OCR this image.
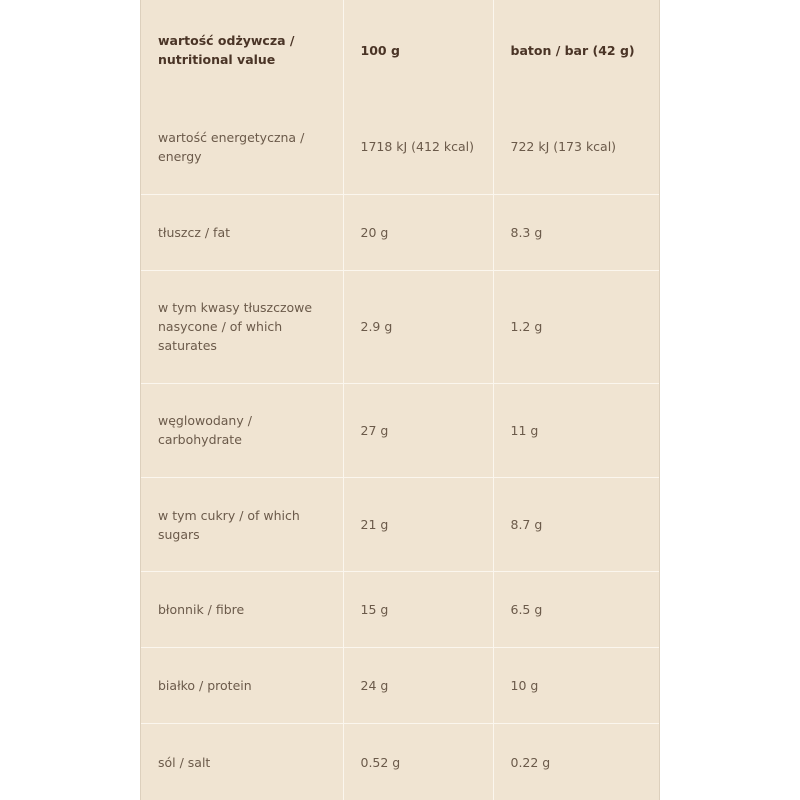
wartość odżywcza / nutritional value	100 g	baton / bar (42 g)
wartość energetyczna / energy	1718 kJ (412 kcal)	722 kJ (173 kcal)
tłuszcz / fat	20 g	8.3 g
w tym kwasy tłuszczowe nasycone / of which saturates	2.9 g	1.2 g
węglowodany / carbohydrate	27 g	11 g
w tym cukry / of which sugars	21 g	8.7 g
błonnik / fibre	15 g	6.5 g
białko / protein	24 g	10 g
sól / salt	0.52 g	0.22 g
